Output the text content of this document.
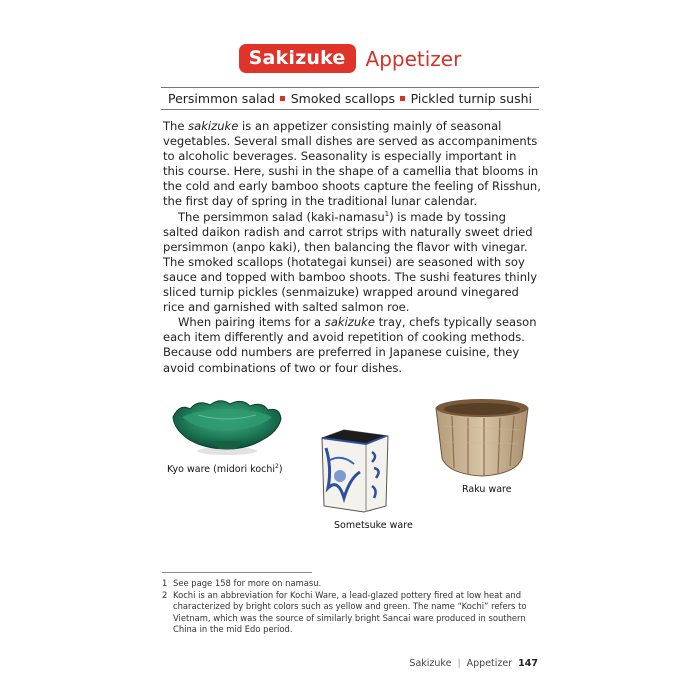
Sakizuke	Appetizer
Persimmon salad Smoked scallops Pickled turnip sushi

The sakizuke is an appetizer consisting mainly of seasonal vegetables. Several small dishes are served as accompaniments to alcoholic beverages. Seasonality is especially important in this course. Here, sushi in the shape of a camellia that blooms in the cold and early bamboo shoots capture the feeling of Risshun, the first day of spring in the traditional lunar calendar.

The persimmon salad (kaki-namasu$^1$) is made by tossing salted daikon radish and carrot strips with naturally sweet dried persimmon (anpo kaki), then balancing the flavor with vinegar. The smoked scallops (hotategai kunsei) are seasoned with soy sauce and topped with bamboo shoots. The sushi features thinly sliced turnip pickles (senmaizuke) wrapped around vinegared rice and garnished with salted salmon roe.

When pairing items for a sakizuke tray, chefs typically season each item differently and avoid repetition of cooking methods. Because odd numbers are preferred in Japanese cuisine, they avoid combinations of two or four dishes.

Kyo ware (midori kochi$^2$)
Sometsuke ware
Raku ware
1 See page 158 for more on namasu.
2 Kochi is an abbreviation for Kochi Ware, a lead-glazed pottery fired at low heat and characterized by bright colors such as yellow and green. The name “Kochi” refers to Vietnam, which was the source of similarly bright Sancai ware produced in southern China in the mid Edo period.
Sakizuke | Appetizer 147
